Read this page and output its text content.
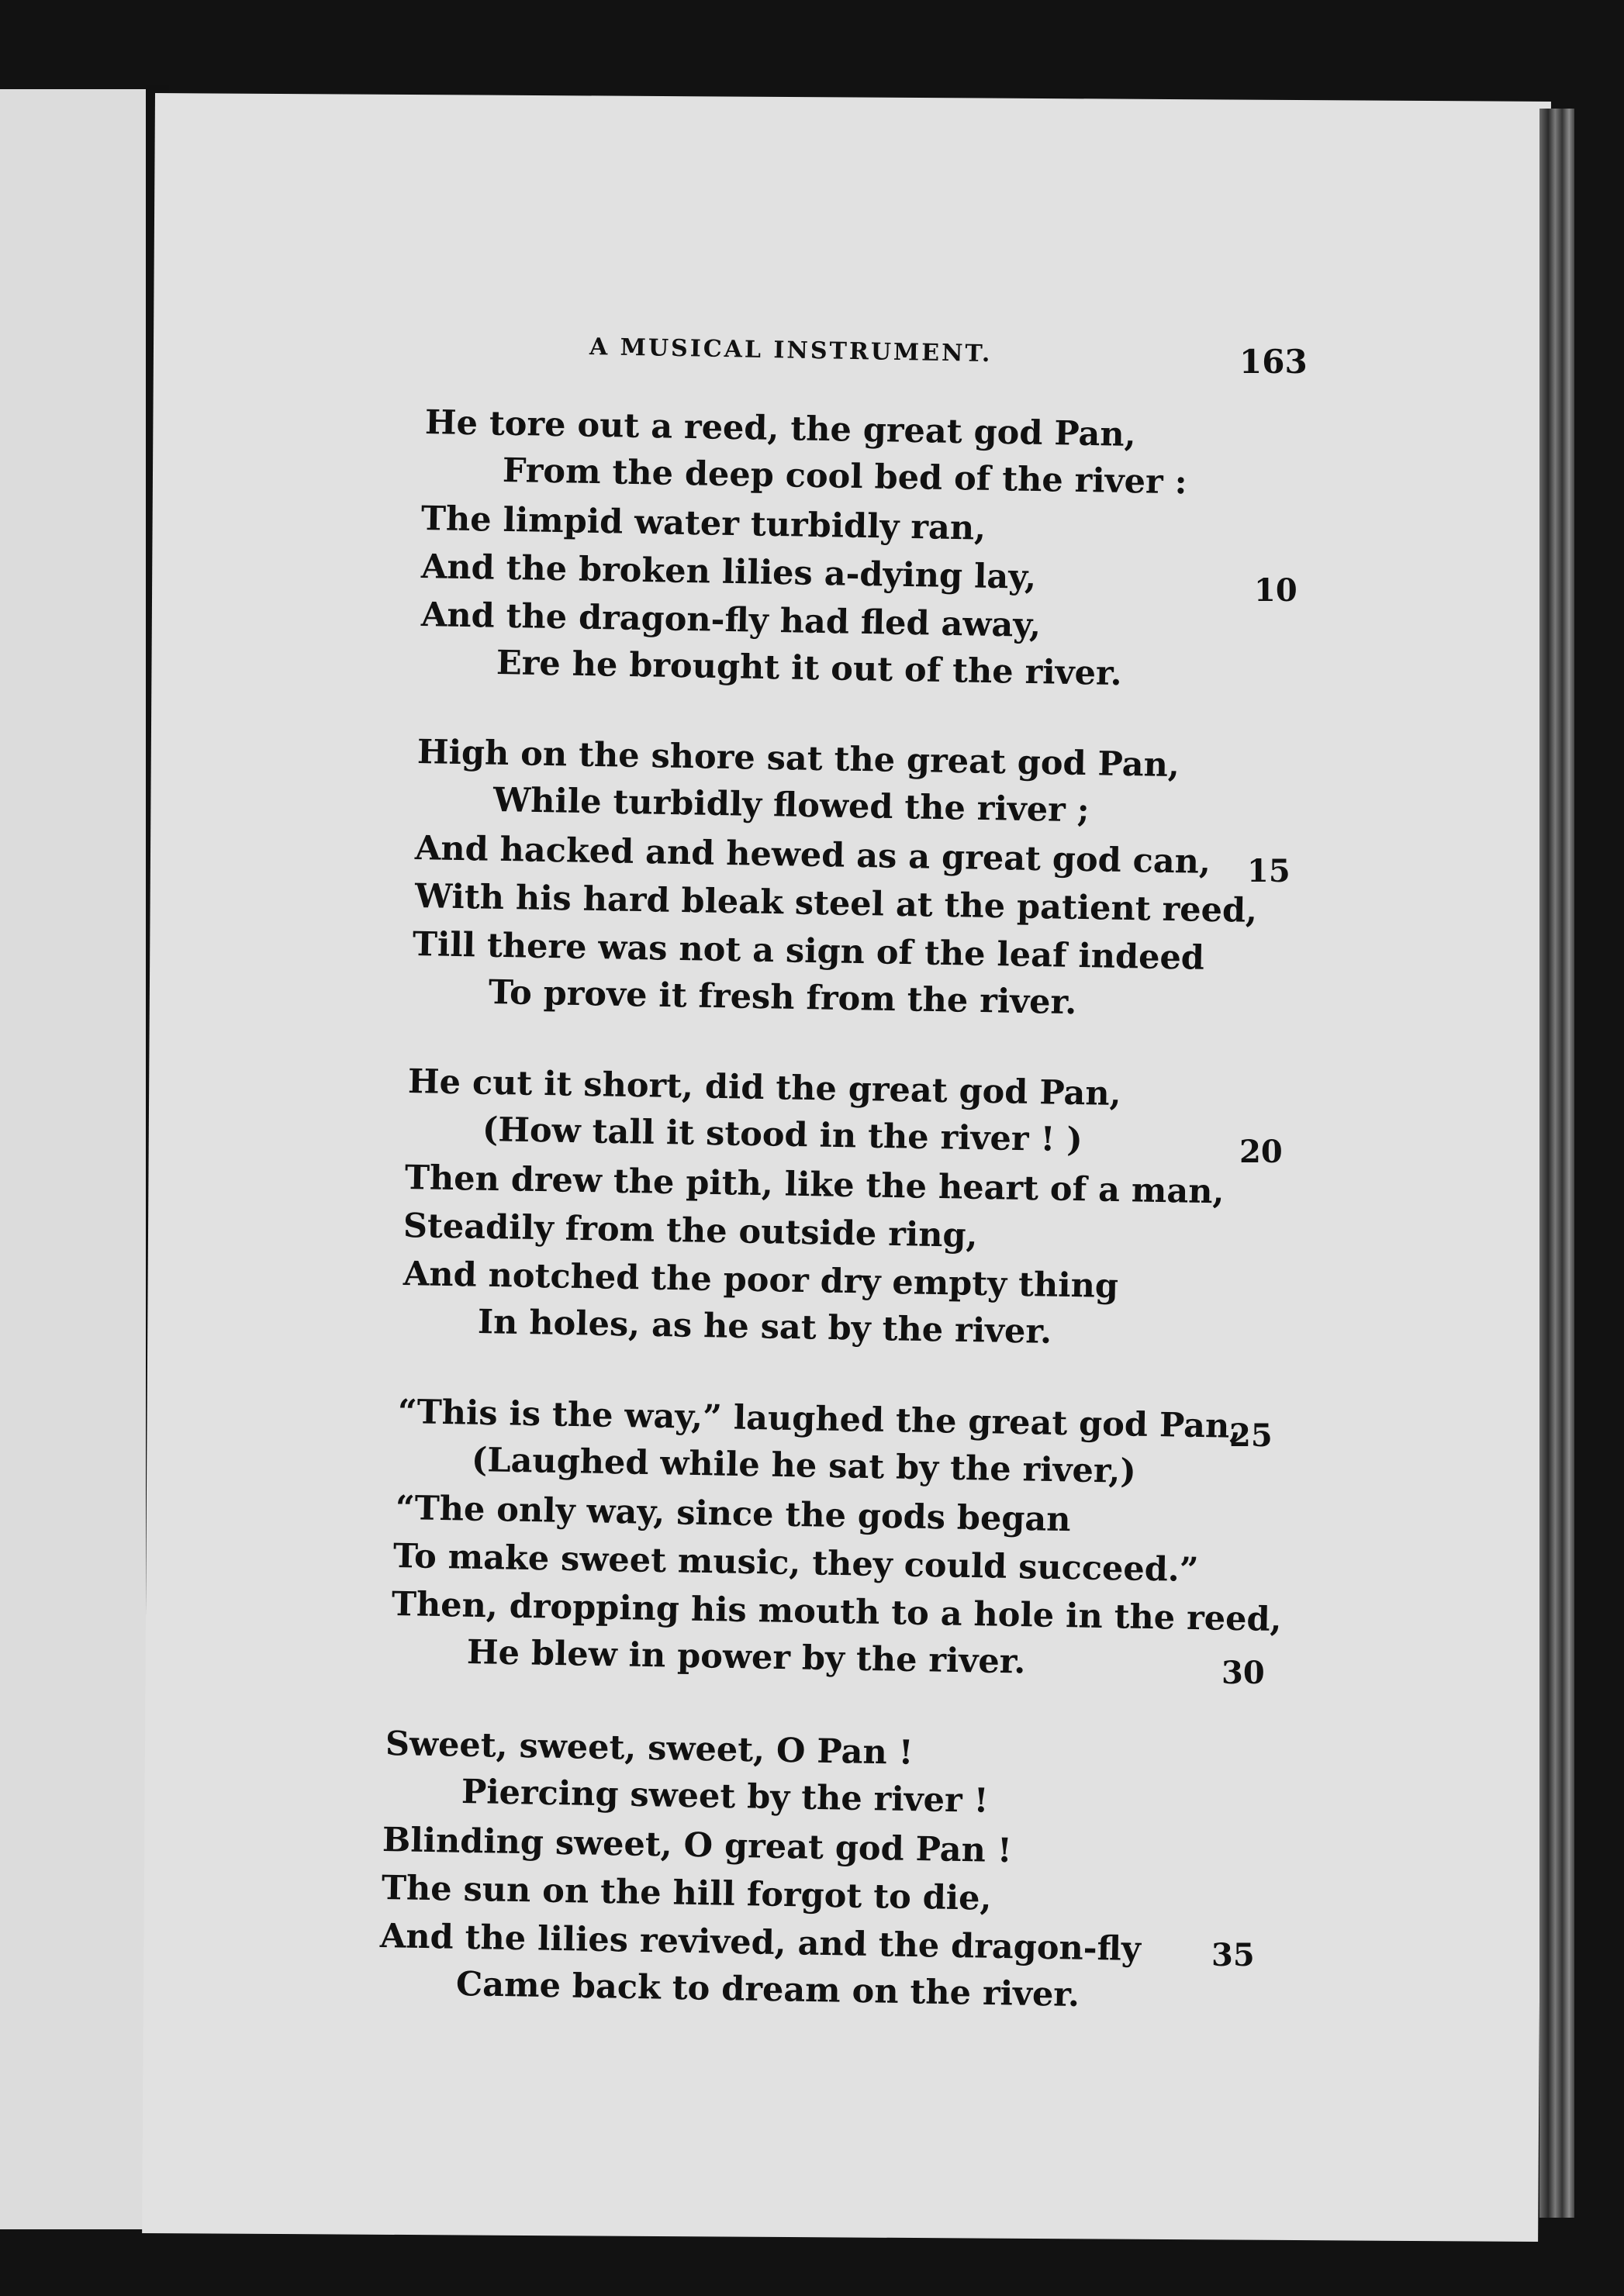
A MUSICAL INSTRUMENT.	163
He tore out a reed, the great god Pan,
From the deep cool bed of the river :
The limpid water turbidly ran,
And the broken lilies a-dying lay,
And the dragon-fly had fled away,
Ere he brought it out of the river.
10
High on the shore sat the great god Pan,
While turbidly flowed the river ;
And hacked and hewed as a great god can,
With his hard bleak steel at the patient reed,
Till there was not a sign of the leaf indeed
To prove it fresh from the river.
15
He cut it short, did the great god Pan,
(How tall it stood in the river ! )
Then drew the pith, like the heart of a man,
Steadily from the outside ring,
And notched the poor dry empty thing
In holes, as he sat by the river.
20
“This is the way,” laughed the great god Pan,
(Laughed while he sat by the river,)
“The only way, since the gods began
To make sweet music, they could succeed.”
Then, dropping his mouth to a hole in the reed,
He blew in power by the river.
25
30
Sweet, sweet, sweet, O Pan !
Piercing sweet by the river !
Blinding sweet, O great god Pan !
The sun on the hill forgot to die,
And the lilies revived, and the dragon-fly
Came back to dream on the river.
35
